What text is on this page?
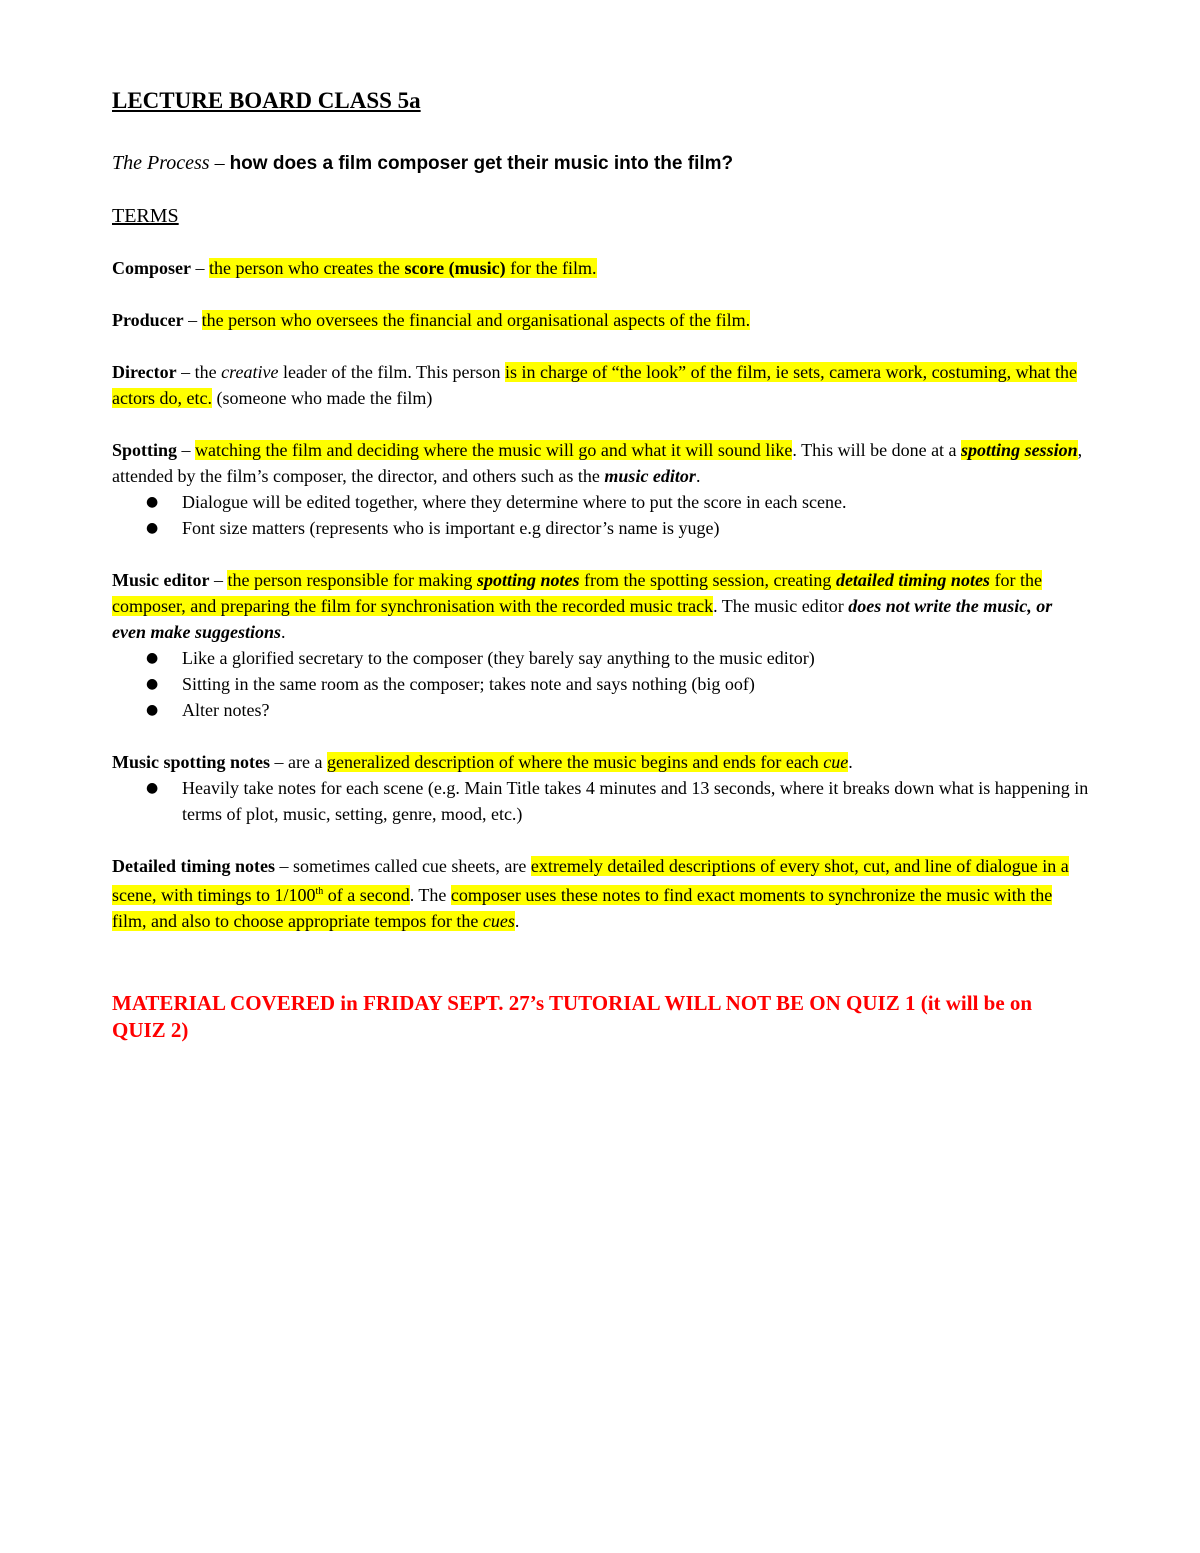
LECTURE BOARD CLASS 5a
The Process – how does a film composer get their music into the film?
TERMS
Composer – the person who creates the score (music) for the film.
Producer – the person who oversees the financial and organisational aspects of the film.
Director – the creative leader of the film. This person is in charge of “the look” of the film, ie sets, camera work, costuming, what the actors do, etc. (someone who made the film)
Spotting – watching the film and deciding where the music will go and what it will sound like. This will be done at a spotting session, attended by the film’s composer, the director, and others such as the music editor.
● Dialogue will be edited together, where they determine where to put the score in each scene.
● Font size matters (represents who is important e.g director’s name is yuge)
Music editor – the person responsible for making spotting notes from the spotting session, creating detailed timing notes for the composer, and preparing the film for synchronisation with the recorded music track. The music editor does not write the music, or even make suggestions.
● Like a glorified secretary to the composer (they barely say anything to the music editor)
● Sitting in the same room as the composer; takes note and says nothing (big oof)
● Alter notes?
Music spotting notes – are a generalized description of where the music begins and ends for each cue.
● Heavily take notes for each scene (e.g. Main Title takes 4 minutes and 13 seconds, where it breaks down what is happening in terms of plot, music, setting, genre, mood, etc.)
Detailed timing notes – sometimes called cue sheets, are extremely detailed descriptions of every shot, cut, and line of dialogue in a scene, with timings to 1/100th of a second. The composer uses these notes to find exact moments to synchronize the music with the film, and also to choose appropriate tempos for the cues.
MATERIAL COVERED in FRIDAY SEPT. 27’s TUTORIAL WILL NOT BE ON QUIZ 1 (it will be on QUIZ 2)
